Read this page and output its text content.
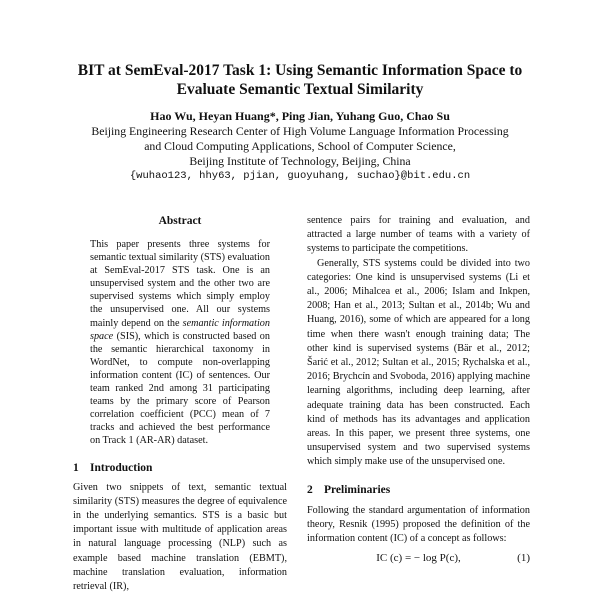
BIT at SemEval-2017 Task 1: Using Semantic Information Space to Evaluate Semantic Textual Similarity
Hao Wu, Heyan Huang*, Ping Jian, Yuhang Guo, Chao Su
Beijing Engineering Research Center of High Volume Language Information Processing
and Cloud Computing Applications, School of Computer Science,
Beijing Institute of Technology, Beijing, China
{wuhao123, hhy63, pjian, guoyuhang, suchao}@bit.edu.cn
Abstract

This paper presents three systems for semantic textual similarity (STS) evaluation at SemEval-2017 STS task. One is an unsupervised system and the other two are supervised systems which simply employ the unsupervised one. All our systems mainly depend on the semantic information space (SIS), which is constructed based on the semantic hierarchical taxonomy in WordNet, to compute non-overlapping information content (IC) of sentences. Our team ranked 2nd among 31 participating teams by the primary score of Pearson correlation coefficient (PCC) mean of 7 tracks and achieved the best performance on Track 1 (AR-AR) dataset.

1 Introduction

Given two snippets of text, semantic textual similarity (STS) measures the degree of equivalence in the underlying semantics. STS is a basic but important issue with multitude of application areas in natural language processing (NLP) such as example based machine translation (EBMT), machine translation evaluation, information retrieval (IR),

sentence pairs for training and evaluation, and attracted a large number of teams with a variety of systems to participate the competitions.

Generally, STS systems could be divided into two categories: One kind is unsupervised systems (Li et al., 2006; Mihalcea et al., 2006; Islam and Inkpen, 2008; Han et al., 2013; Sultan et al., 2014b; Wu and Huang, 2016), some of which are appeared for a long time when there wasn't enough training data; The other kind is supervised systems (Bär et al., 2012; Šarić et al., 2012; Sultan et al., 2015; Rychalska et al., 2016; Brychcín and Svoboda, 2016) applying machine learning algorithms, including deep learning, after adequate training data has been constructed. Each kind of methods has its advantages and application areas. In this paper, we present three systems, one unsupervised system and two supervised systems which simply make use of the unsupervised one.

2 Preliminaries

Following the standard argumentation of information theory, Resnik (1995) proposed the definition of the information content (IC) of a concept as follows:

IC (c) = − log P(c),	(1)
